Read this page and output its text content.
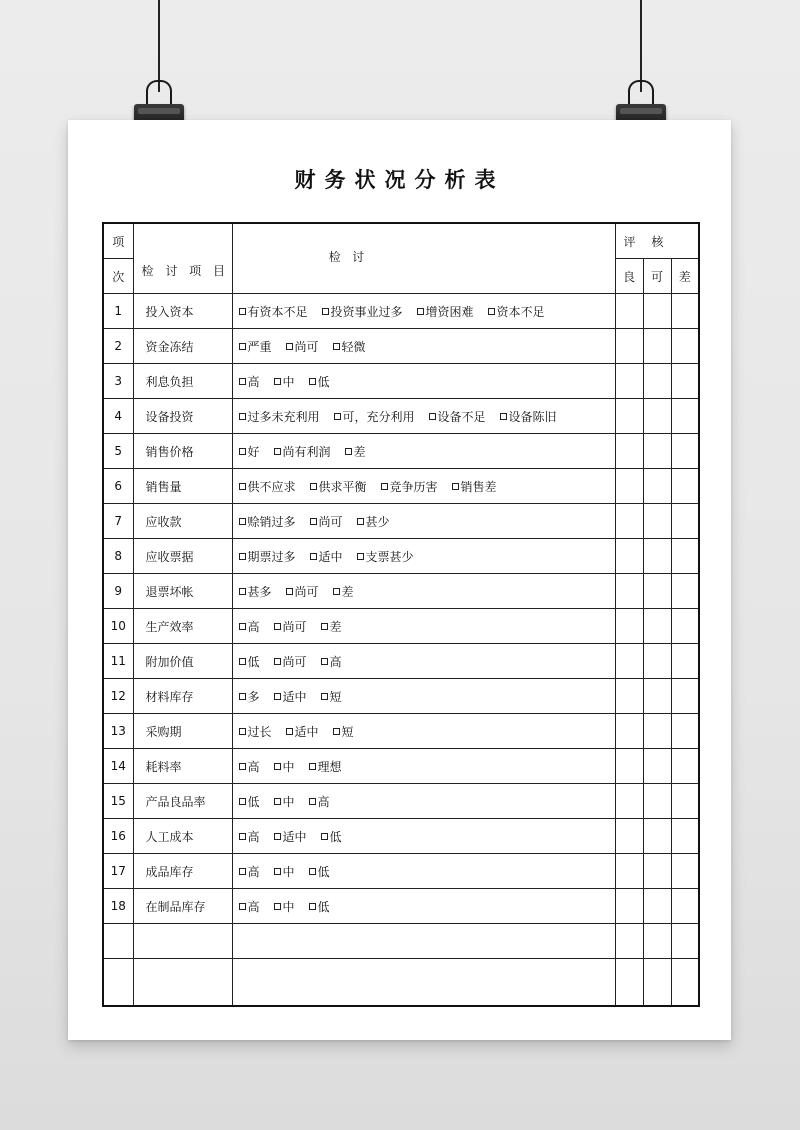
财务状况分析表
项	检 讨 项 目	检   讨	评 核		
次			良	可	差
1	投入资本	有资本不足 投资事业过多 增资困难 资本不足			
2	资金冻结	严重 尚可 轻微			
3	利息负担	高 中 低			
4	设备投资	过多未充利用 可，充分利用 设备不足 设备陈旧			
5	销售价格	好 尚有利润 差			
6	销售量	供不应求 供求平衡 竞争历害 销售差			
7	应收款	赊销过多 尚可 甚少			
8	应收票据	期票过多 适中 支票甚少			
9	退票坏帐	甚多 尚可 差			
10	生产效率	高 尚可 差			
11	附加价值	低 尚可 高			
12	材料库存	多 适中 短			
13	采购期	过长 适中 短			
14	耗料率	高 中 理想			
15	产品良品率	低 中 高			
16	人工成本	高 适中 低			
17	成品库存	高 中 低			
18	在制品库存	高 中 低			
